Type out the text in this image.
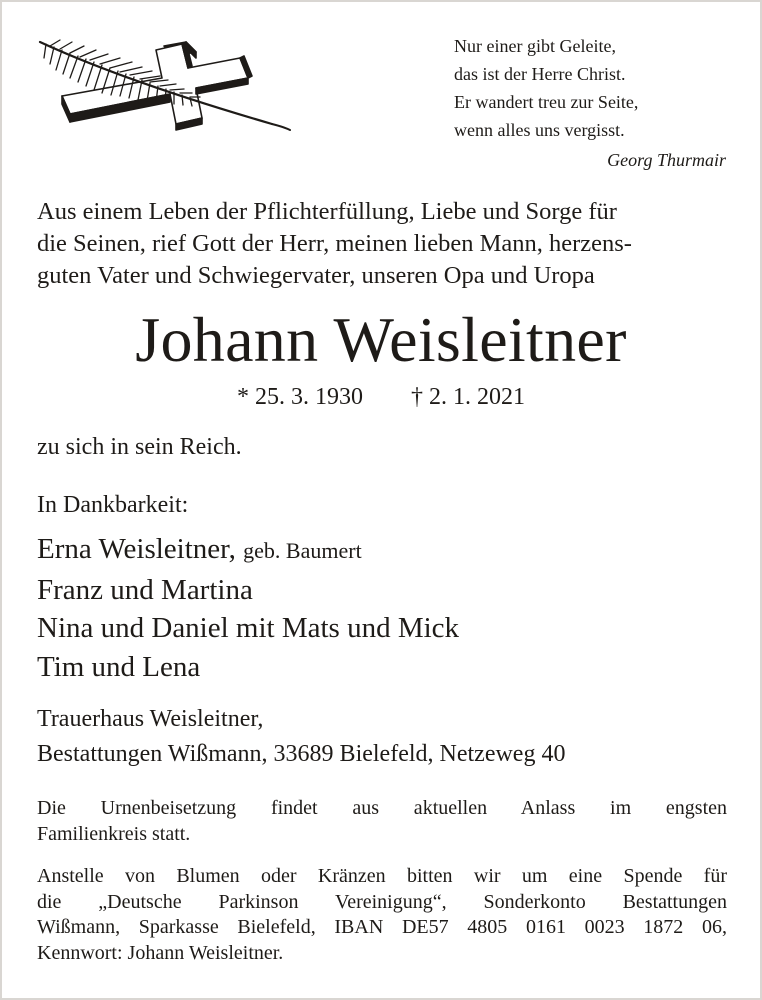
Nur einer gibt Geleite,
das ist der Herre Christ.
Er wandert treu zur Seite,
wenn alles uns vergisst.
Georg Thurmair
Aus einem Leben der Pflichterfüllung, Liebe und Sorge für
die Seinen, rief Gott der Herr, meinen lieben Mann, herzens-
guten Vater und Schwiegervater, unseren Opa und Uropa
Johann Weisleitner
* 25. 3. 1930 † 2. 1. 2021
zu sich in sein Reich.
In Dankbarkeit:
Erna Weisleitner, geb. Baumert
Franz und Martina
Nina und Daniel mit Mats und Mick
Tim und Lena
Trauerhaus Weisleitner,
Bestattungen Wißmann, 33689 Bielefeld, Netzeweg 40
Die Urnenbeisetzung findet aus aktuellen Anlass im engsten
Familienkreis statt.
Anstelle von Blumen oder Kränzen bitten wir um eine Spende für
die „Deutsche Parkinson Vereinigung“, Sonderkonto Bestattungen
Wißmann, Sparkasse Bielefeld, IBAN DE57 4805 0161 0023 1872 06,
Kennwort: Johann Weisleitner.
